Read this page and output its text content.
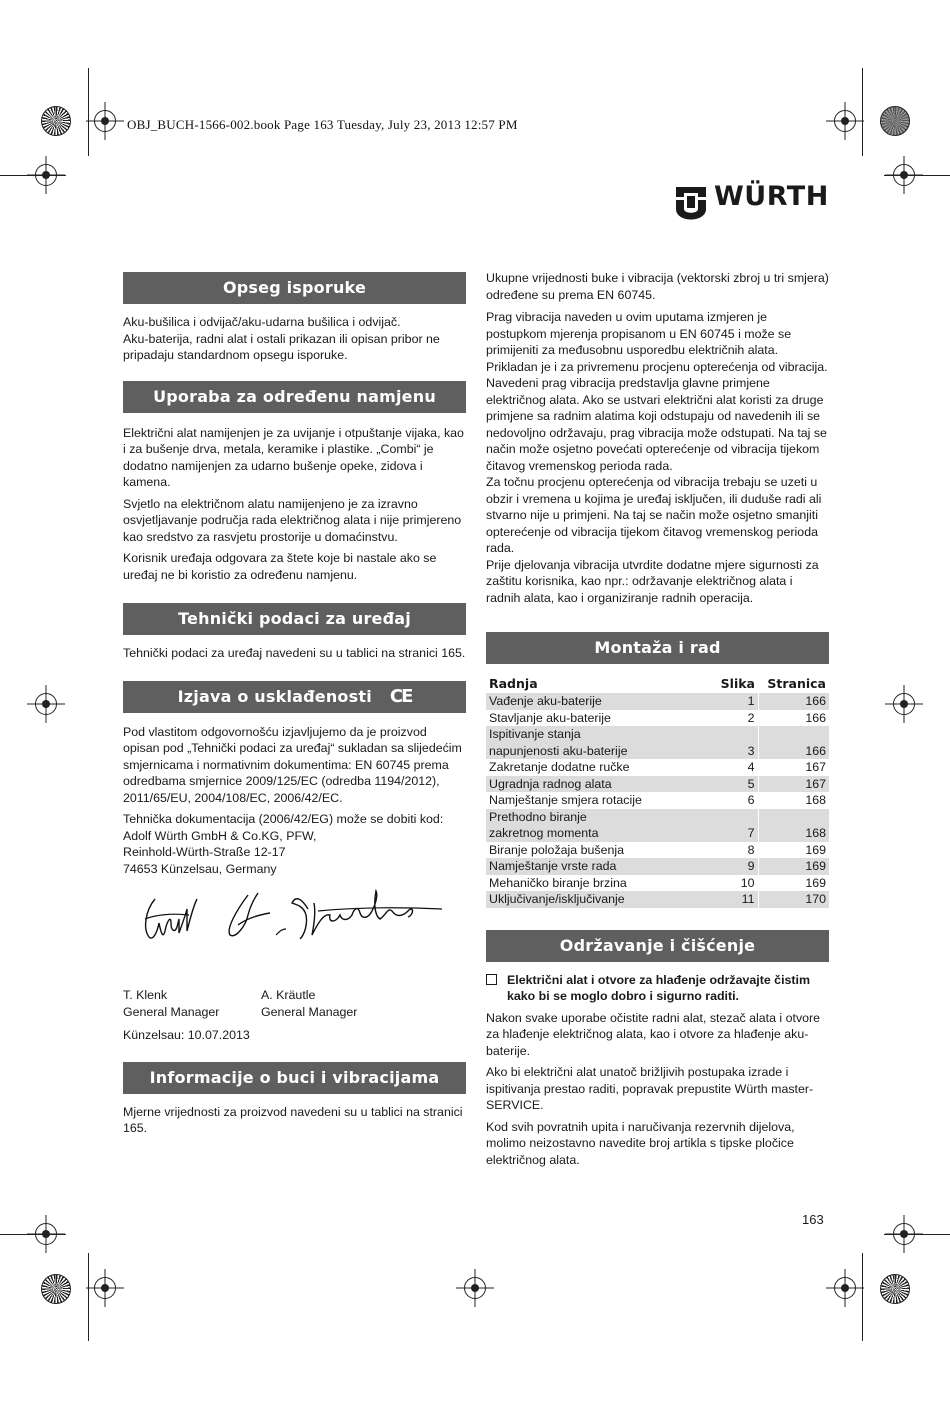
OBJ_BUCH-1566-002.book Page 163 Tuesday, July 23, 2013 12:57 PM
WÜRTH
Opseg isporuke

Aku-bušilica i odvijač/aku-udarna bušilica i odvijač.

Aku-baterija, radni alat i ostali prikazan ili opisan pribor ne pripadaju standardnom opsegu isporuke.

Uporaba za određenu namjenu

Električni alat namijenjen je za uvijanje i otpuštanje vijaka, kao i za bušenje drva, metala, keramike i plastike. „Combi“ je dodatno namijenjen za udarno bušenje opeke, zidova i kamena.

Svjetlo na električnom alatu namijenjeno je za izravno osvjetljavanje područja rada električnog alata i nije primjereno kao sredstvo za rasvjetu prostorije u domaćinstvu.

Korisnik uređaja odgovara za štete koje bi nastale ako se uređaj ne bi koristio za određenu namjenu.

Tehnički podaci za uređaj

Tehnički podaci za uređaj navedeni su u tablici na stranici 165.

Izjava o usklađenosti CE

Pod vlastitom odgovornošću izjavljujemo da je proizvod opisan pod „Tehnički podaci za uređaj“ sukladan sa slijedećim smjernicama i normativnim dokumentima: EN 60745 prema odredbama smjernice 2009/125/EC (odredba 1194/2012), 2011/65/EU, 2004/108/EC, 2006/42/EC.

Tehnička dokumentacija (2006/42/EG) može se dobiti kod:

Adolf Würth GmbH & Co.KG, PFW,

Reinhold-Würth-Straße 12-17

74653 Künzelsau, Germany

T. Klenk

General Manager

A. Kräutle

General Manager

Künzelsau: 10.07.2013

Informacije o buci i vibracijama

Mjerne vrijednosti za proizvod navedeni su u tablici na stranici 165.

Ukupne vrijednosti buke i vibracija (vektorski zbroj u tri smjera) određene su prema EN 60745.

Prag vibracija naveden u ovim uputama izmjeren je postupkom mjerenja propisanom u EN 60745 i može se primijeniti za međusobnu usporedbu električnih alata. Prikladan je i za privremenu procjenu opterećenja od vibracija.

Navedeni prag vibracija predstavlja glavne primjene električnog alata. Ako se ustvari električni alat koristi za druge primjene sa radnim alatima koji odstupaju od navedenih ili se nedovoljno održavaju, prag vibracija može odstupati. Na taj se način može osjetno povećati opterećenje od vibracija tijekom čitavog vremenskog perioda rada.

Za točnu procjenu opterećenja od vibracija trebaju se uzeti u obzir i vremena u kojima je uređaj isključen, ili duduše radi ali stvarno nije u primjeni. Na taj se način može osjetno smanjiti opterećenje od vibracija tijekom čitavog vremenskog perioda rada.

Prije djelovanja vibracija utvrdite dodatne mjere sigurnosti za zaštitu korisnika, kao npr.: održavanje električnog alata i radnih alata, kao i organiziranje radnih operacija.

Montaža i rad
Radnja	Slika	Stranica
Vađenje aku-baterije	1	166
Stavljanje aku-baterije	2	166
Ispitivanje stanja napunjenosti aku-baterije	3	166
Zakretanje dodatne ručke	4	167
Ugradnja radnog alata	5	167
Namještanje smjera rotacije	6	168
Prethodno biranje zakretnog momenta	7	168
Biranje položaja bušenja	8	169
Namještanje vrste rada	9	169
Mehaničko biranje brzina	10	169
Uključivanje/isključivanje	11	170
Održavanje i čišćenje
Električni alat i otvore za hlađenje održavajte čistim kako bi se moglo dobro i sigurno raditi.

Nakon svake uporabe očistite radni alat, stezač alata i otvore za hlađenje električnog alata, kao i otvore za hlađenje aku-baterije.

Ako bi električni alat unatoč brižljivih postupaka izrade i ispitivanja prestao raditi, popravak prepustite Würth master-SERVICE.

Kod svih povratnih upita i naručivanja rezervnih dijelova, molimo neizostavno navedite broj artikla s tipske pločice električnog alata.

163
